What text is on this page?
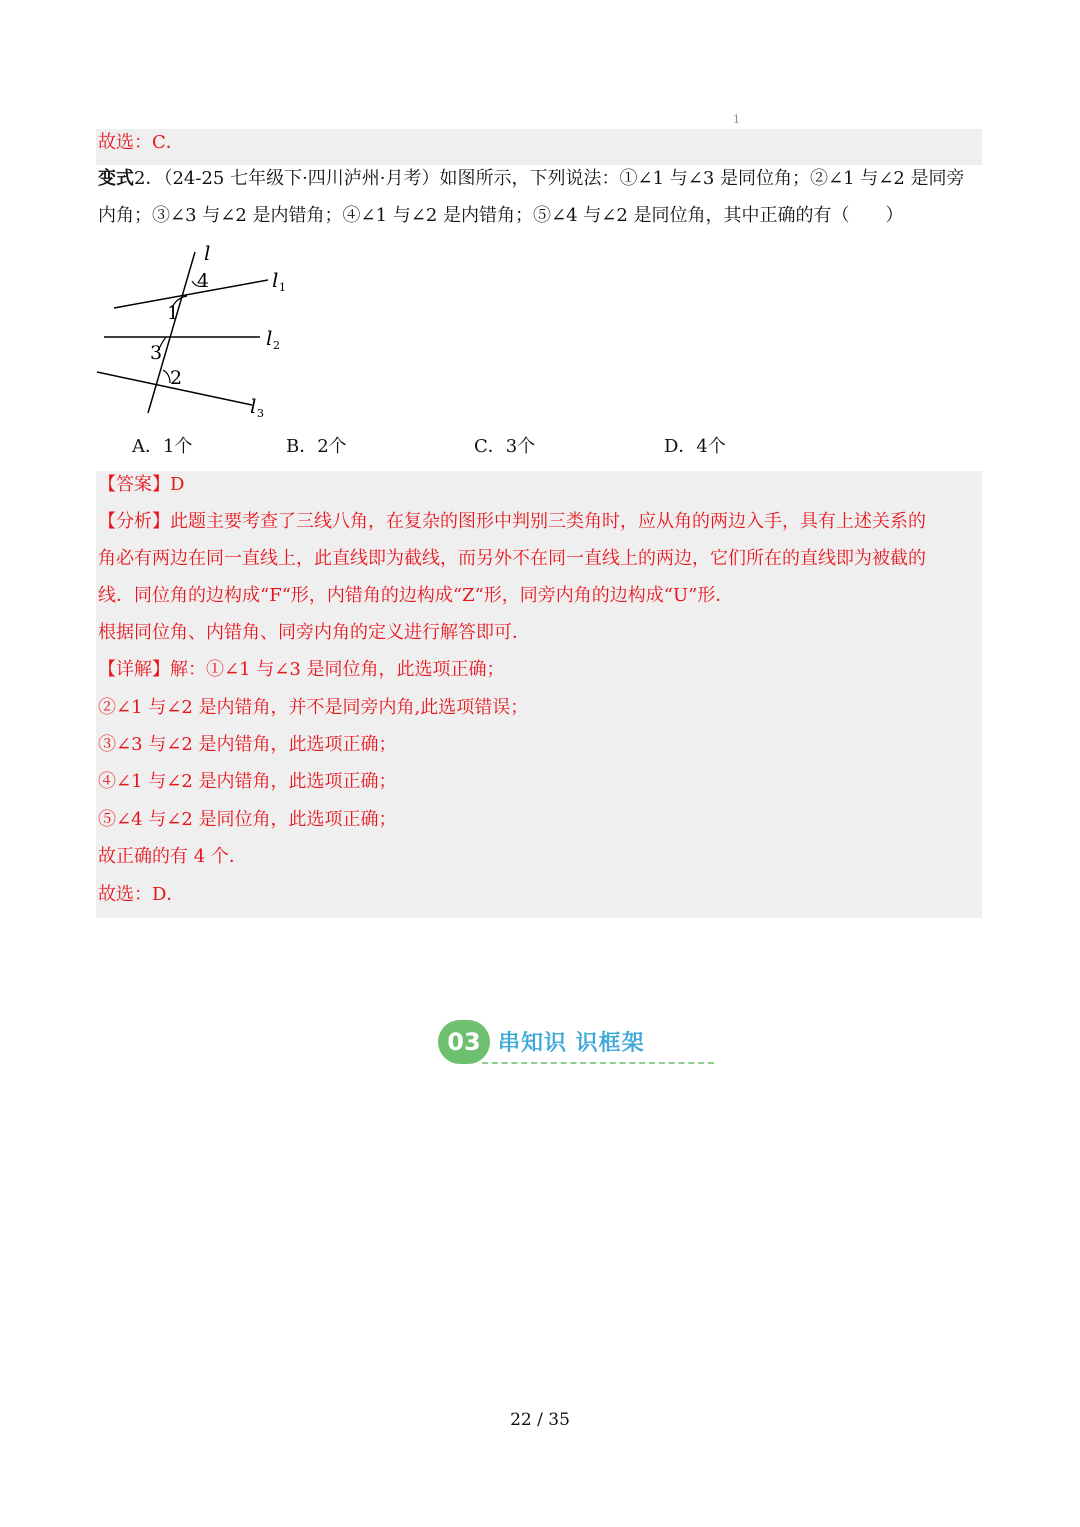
1
故选：C．
变式2．（24-25 七年级下·四川泸州·月考）如图所示，下列说法：①∠1 与∠3 是同位角；②∠1 与∠2 是同旁
内角；③∠3 与∠2 是内错角；④∠1 与∠2 是内错角；⑤∠4 与∠2 是同位角，其中正确的有（　　）
l
l 1
l 2
l 3
4
1
3
2
A．1个	B．2个	C．3个	D．4个
【答案】D
【分析】此题主要考查了三线八角，在复杂的图形中判别三类角时，应从角的两边入手，具有上述关系的
角必有两边在同一直线上，此直线即为截线，而另外不在同一直线上的两边，它们所在的直线即为被截的
线．同位角的边构成“F“形，内错角的边构成“Z“形，同旁内角的边构成“U”形．
根据同位角、内错角、同旁内角的定义进行解答即可．
【详解】解：①∠1 与∠3 是同位角，此选项正确；
②∠1 与∠2 是内错角，并不是同旁内角,此选项错误；
③∠3 与∠2 是内错角，此选项正确；
④∠1 与∠2 是内错角，此选项正确；
⑤∠4 与∠2 是同位角，此选项正确；
故正确的有 4 个．
故选：D．
03 串知识 识框架
22 / 35
